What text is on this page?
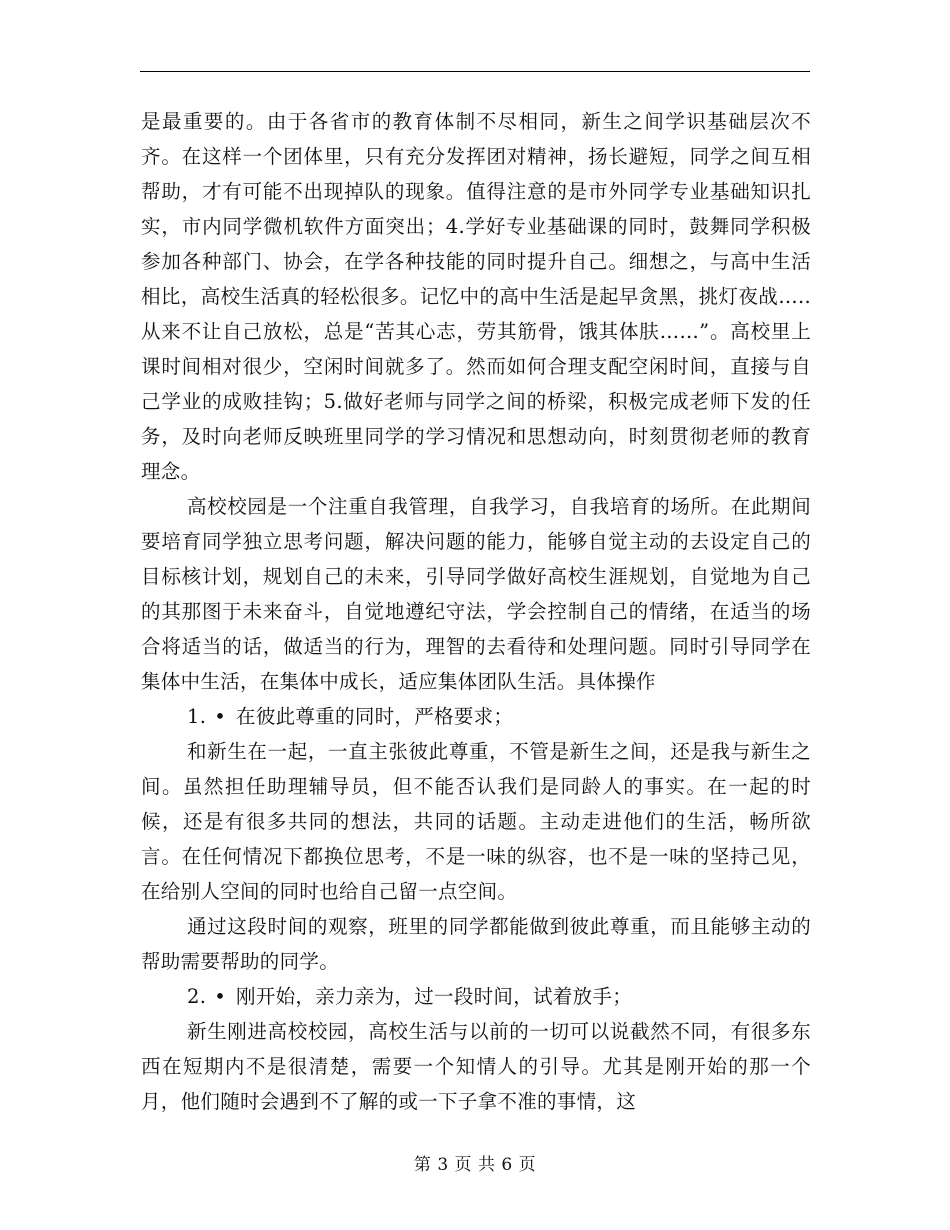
是最重要的。由于各省市的教育体制不尽相同，新生之间学识基础层次不齐。在这样一个团体里，只有充分发挥团对精神，扬长避短，同学之间互相帮助，才有可能不出现掉队的现象。值得注意的是市外同学专业基础知识扎实，市内同学微机软件方面突出；4.学好专业基础课的同时，鼓舞同学积极参加各种部门、协会，在学各种技能的同时提升自己。细想之，与高中生活相比，高校生活真的轻松很多。记忆中的高中生活是起早贪黑，挑灯夜战…..从来不让自己放松，总是“苦其心志，劳其筋骨，饿其体肤……”。高校里上课时间相对很少，空闲时间就多了。然而如何合理支配空闲时间，直接与自己学业的成败挂钩；5.做好老师与同学之间的桥梁，积极完成老师下发的任务，及时向老师反映班里同学的学习情况和思想动向，时刻贯彻老师的教育理念。

高校校园是一个注重自我管理，自我学习，自我培育的场所。在此期间要培育同学独立思考问题，解决问题的能力，能够自觉主动的去设定自己的目标核计划，规划自己的未来，引导同学做好高校生涯规划，自觉地为自己的其那图于未来奋斗，自觉地遵纪守法，学会控制自己的情绪，在适当的场合将适当的话，做适当的行为，理智的去看待和处理问题。同时引导同学在集体中生活，在集体中成长，适应集体团队生活。具体操作

1. • 在彼此尊重的同时，严格要求；

和新生在一起，一直主张彼此尊重，不管是新生之间，还是我与新生之间。虽然担任助理辅导员，但不能否认我们是同龄人的事实。在一起的时候，还是有很多共同的想法，共同的话题。主动走进他们的生活，畅所欲言。在任何情况下都换位思考，不是一味的纵容，也不是一味的坚持己见，在给别人空间的同时也给自己留一点空间。

通过这段时间的观察，班里的同学都能做到彼此尊重，而且能够主动的帮助需要帮助的同学。

2. • 刚开始，亲力亲为，过一段时间，试着放手；

新生刚进高校校园，高校生活与以前的一切可以说截然不同，有很多东西在短期内不是很清楚，需要一个知情人的引导。尤其是刚开始的那一个月，他们随时会遇到不了解的或一下子拿不准的事情，这

第 3 页 共 6 页
